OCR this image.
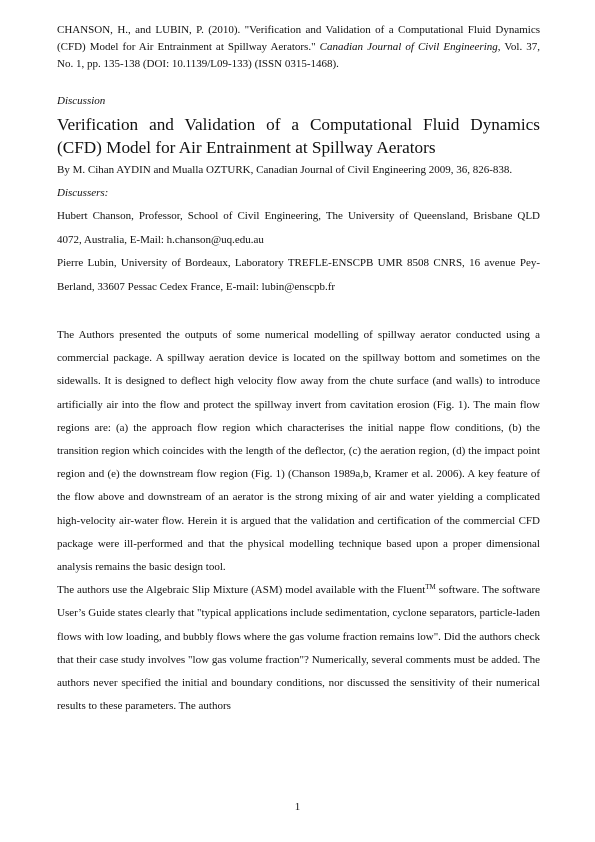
CHANSON, H., and LUBIN, P. (2010). "Verification and Validation of a Computational Fluid Dynamics (CFD) Model for Air Entrainment at Spillway Aerators." Canadian Journal of Civil Engineering, Vol. 37, No. 1, pp. 135-138 (DOI: 10.1139/L09-133) (ISSN 0315-1468).

Discussion

Verification and Validation of a Computational Fluid Dynamics (CFD) Model for Air Entrainment at Spillway Aerators

By M. Cihan AYDIN and Mualla OZTURK, Canadian Journal of Civil Engineering 2009, 36, 826-838.

Discussers:

Hubert Chanson, Professor, School of Civil Engineering, The University of Queensland, Brisbane QLD 4072, Australia, E-Mail: h.chanson@uq.edu.au

Pierre Lubin, University of Bordeaux, Laboratory TREFLE-ENSCPB UMR 8508 CNRS, 16 avenue Pey-Berland, 33607 Pessac Cedex France, E-mail: lubin@enscpb.fr

The Authors presented the outputs of some numerical modelling of spillway aerator conducted using a commercial package. A spillway aeration device is located on the spillway bottom and sometimes on the sidewalls. It is designed to deflect high velocity flow away from the chute surface (and walls) to introduce artificially air into the flow and protect the spillway invert from cavitation erosion (Fig. 1). The main flow regions are: (a) the approach flow region which characterises the initial nappe flow conditions, (b) the transition region which coincides with the length of the deflector, (c) the aeration region, (d) the impact point region and (e) the downstream flow region (Fig. 1) (Chanson 1989a,b, Kramer et al. 2006). A key feature of the flow above and downstream of an aerator is the strong mixing of air and water yielding a complicated high-velocity air-water flow. Herein it is argued that the validation and certification of the commercial CFD package were ill-performed and that the physical modelling technique based upon a proper dimensional analysis remains the basic design tool.

The authors use the Algebraic Slip Mixture (ASM) model available with the Fluent™ software. The software User’s Guide states clearly that "typical applications include sedimentation, cyclone separators, particle-laden flows with low loading, and bubbly flows where the gas volume fraction remains low". Did the authors check that their case study involves "low gas volume fraction"? Numerically, several comments must be added. The authors never specified the initial and boundary conditions, nor discussed the sensitivity of their numerical results to these parameters. The authors

1
